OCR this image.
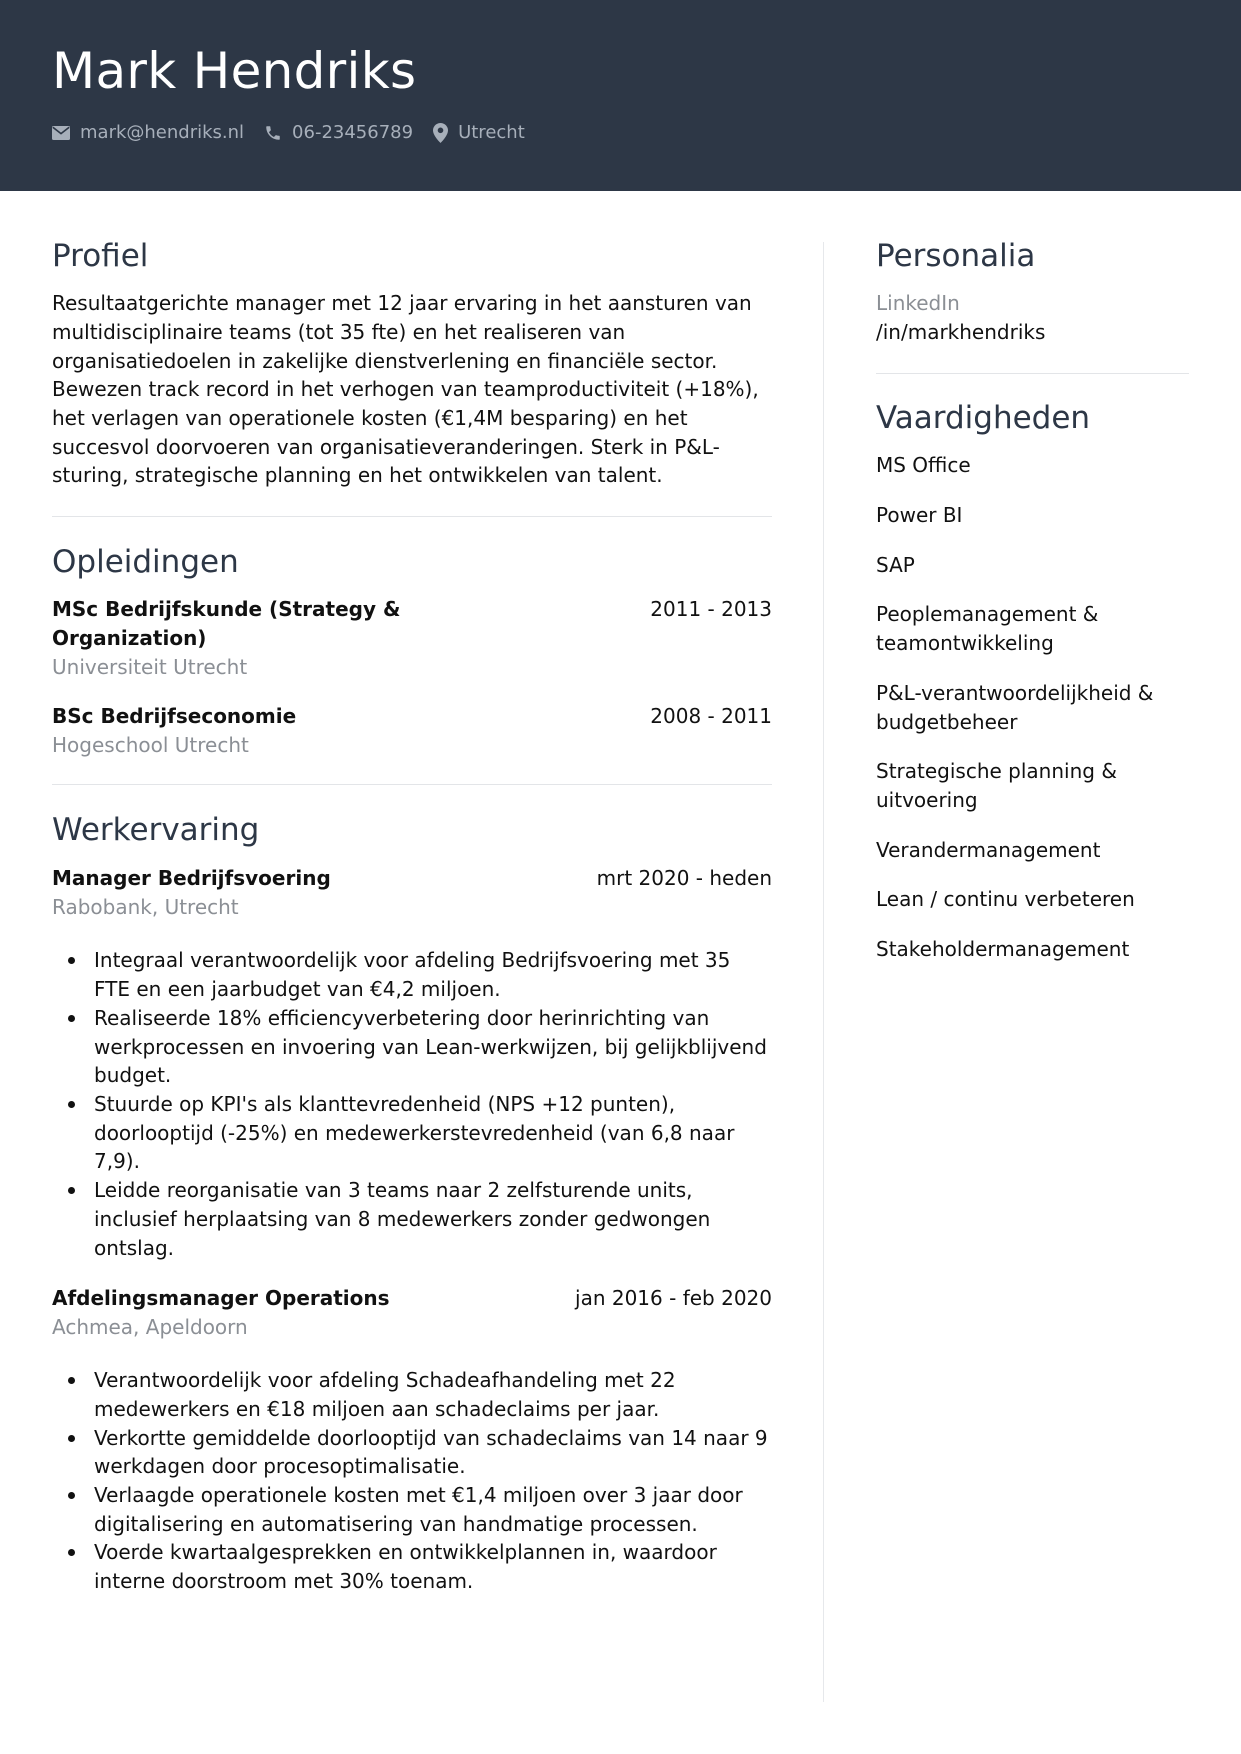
Mark Hendriks
mark@hendriks.nl	06-23456789	Utrecht
Profiel

Resultaatgerichte manager met 12 jaar ervaring in het aansturen van multidisciplinaire teams (tot 35 fte) en het realiseren van organisatiedoelen in zakelijke dienstverlening en financiële sector. Bewezen track record in het verhogen van teamproductiviteit (+18%), het verlagen van operationele kosten (€1,4M besparing) en het succesvol doorvoeren van organisatieveranderingen. Sterk in P&L-sturing, strategische planning en het ontwikkelen van talent.

Opleidingen
MSc Bedrijfskunde (Strategy & Organization)
2011 - 2013
Universiteit Utrecht
BSc Bedrijfseconomie	2008 - 2011
Hogeschool Utrecht
Werkervaring
Manager Bedrijfsvoering	mrt 2020 - heden
Rabobank, Utrecht
Integraal verantwoordelijk voor afdeling Bedrijfsvoering met 35 FTE en een jaarbudget van €4,2 miljoen.
Realiseerde 18% efficiencyverbetering door herinrichting van werkprocessen en invoering van Lean-werkwijzen, bij gelijkblijvend budget.
Stuurde op KPI's als klanttevredenheid (NPS +12 punten), doorlooptijd (-25%) en medewerkerstevredenheid (van 6,8 naar 7,9).
Leidde reorganisatie van 3 teams naar 2 zelfsturende units, inclusief herplaatsing van 8 medewerkers zonder gedwongen ontslag.
Afdelingsmanager Operations	jan 2016 - feb 2020
Achmea, Apeldoorn
Verantwoordelijk voor afdeling Schadeafhandeling met 22 medewerkers en €18 miljoen aan schadeclaims per jaar.
Verkortte gemiddelde doorlooptijd van schadeclaims van 14 naar 9 werkdagen door procesoptimalisatie.
Verlaagde operationele kosten met €1,4 miljoen over 3 jaar door digitalisering en automatisering van handmatige processen.
Voerde kwartaalgesprekken en ontwikkelplannen in, waardoor interne doorstroom met 30% toenam.
Personalia
LinkedIn
/in/markhendriks
Vaardigheden
MS Office
Power BI
SAP
Peoplemanagement & teamontwikkeling
P&L-verantwoordelijkheid & budgetbeheer
Strategische planning & uitvoering
Verandermanagement
Lean / continu verbeteren
Stakeholdermanagement
